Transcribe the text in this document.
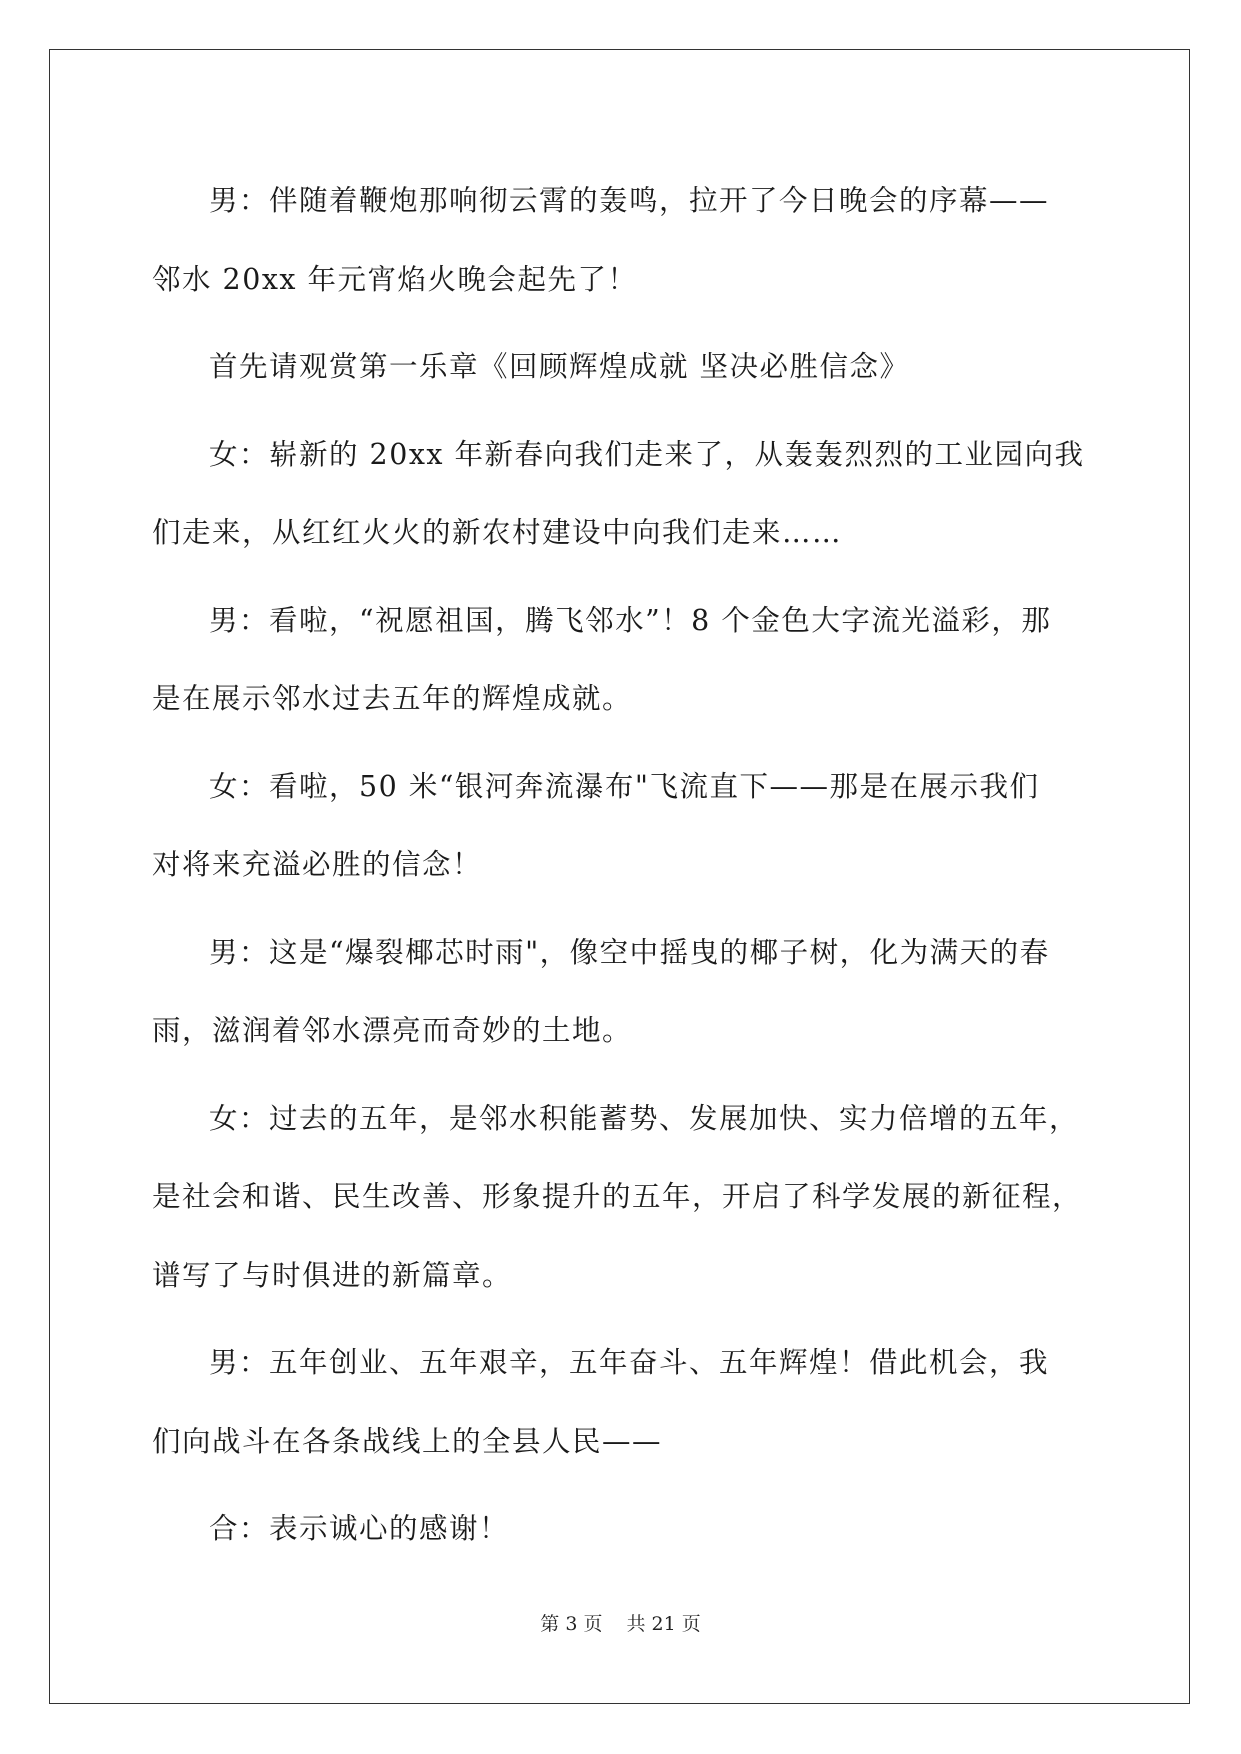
男：伴随着鞭炮那响彻云霄的轰鸣，拉开了今日晚会的序幕——
邻水 20xx 年元宵焰火晚会起先了！

首先请观赏第一乐章《回顾辉煌成就 坚决必胜信念》

女：崭新的 20xx 年新春向我们走来了，从轰轰烈烈的工业园向我
们走来，从红红火火的新农村建设中向我们走来……

男：看啦，“祝愿祖国，腾飞邻水”！8 个金色大字流光溢彩，那
是在展示邻水过去五年的辉煌成就。

女：看啦，50 米“银河奔流瀑布"飞流直下——那是在展示我们
对将来充溢必胜的信念！

男：这是“爆裂椰芯时雨"，像空中摇曳的椰子树，化为满天的春
雨，滋润着邻水漂亮而奇妙的土地。

女：过去的五年，是邻水积能蓄势、发展加快、实力倍增的五年，
是社会和谐、民生改善、形象提升的五年，开启了科学发展的新征程，
谱写了与时俱进的新篇章。

男：五年创业、五年艰辛，五年奋斗、五年辉煌！借此机会，我
们向战斗在各条战线上的全县人民——

合：表示诚心的感谢！

第 3 页 共 21 页
